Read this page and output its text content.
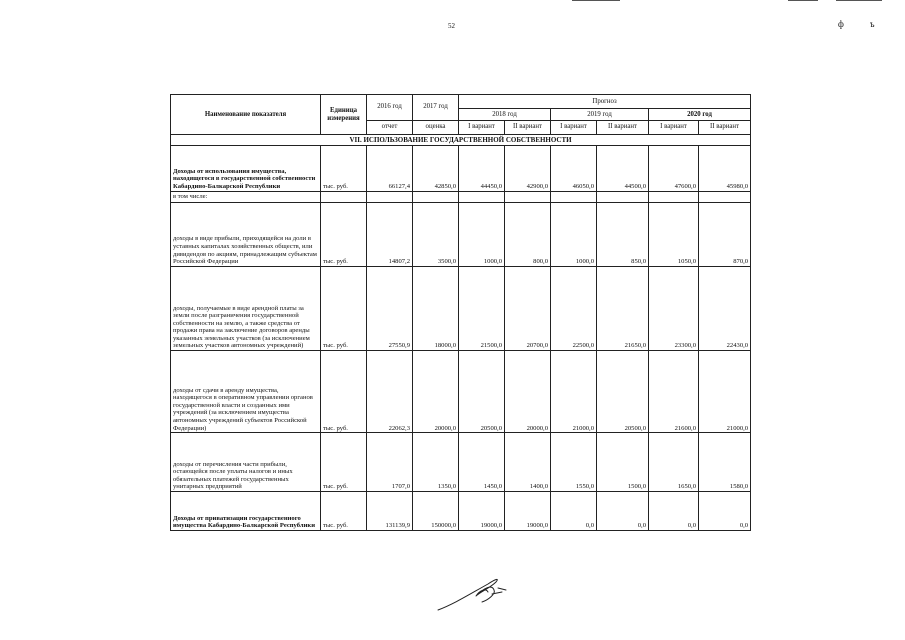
52	фъ
Наименование показателя	Единица измерения	2016 год	2017 год	Прогноз					
				2018 год		2019 год		2020 год	
		отчет	оценка	I вариант	II вариант	I вариант	II вариант	I вариант	II вариант
VII. ИСПОЛЬЗОВАНИЕ ГОСУДАРСТВЕННОЙ СОБСТВЕННОСТИ									
Доходы от использования имущества, находящегося в государственной собственности Кабардино-Балкарской Республики	тыс. руб.	66127,4	42850,0	44450,0	42900,0	46050,0	44500,0	47600,0	45980,0
в том числе:									
доходы в виде прибыли, приходящейся на доли в уставных капиталах хозяйственных обществ, или дивидендов по акциям, принадлежащим субъектам Российской Федерации	тыс. руб.	14807,2	3500,0	1000,0	800,0	1000,0	850,0	1050,0	870,0
доходы, получаемые в виде арендной платы за земли после разграничения государственной собственности на землю, а также средства от продажи права на заключение договоров аренды указанных земельных участков (за исключением земельных участков автономных учреждений)	тыс. руб.	27550,9	18000,0	21500,0	20700,0	22500,0	21650,0	23300,0	22430,0
доходы от сдачи в аренду имущества, находящегося в оперативном управлении органов государственной власти и созданных ими учреждений (за исключением имущества автономных учреждений субъектов Российской Федерации)	тыс. руб.	22062,3	20000,0	20500,0	20000,0	21000,0	20500,0	21600,0	21000,0
доходы от перечисления части прибыли, остающейся после уплаты налогов и иных обязательных платежей государственных унитарных предприятий	тыс. руб.	1707,0	1350,0	1450,0	1400,0	1550,0	1500,0	1650,0	1580,0
Доходы от приватизации государственного имущества Кабардино-Балкарской Республики	тыс. руб.	131139,9	150000,0	19000,0	19000,0	0,0	0,0	0,0	0,0
